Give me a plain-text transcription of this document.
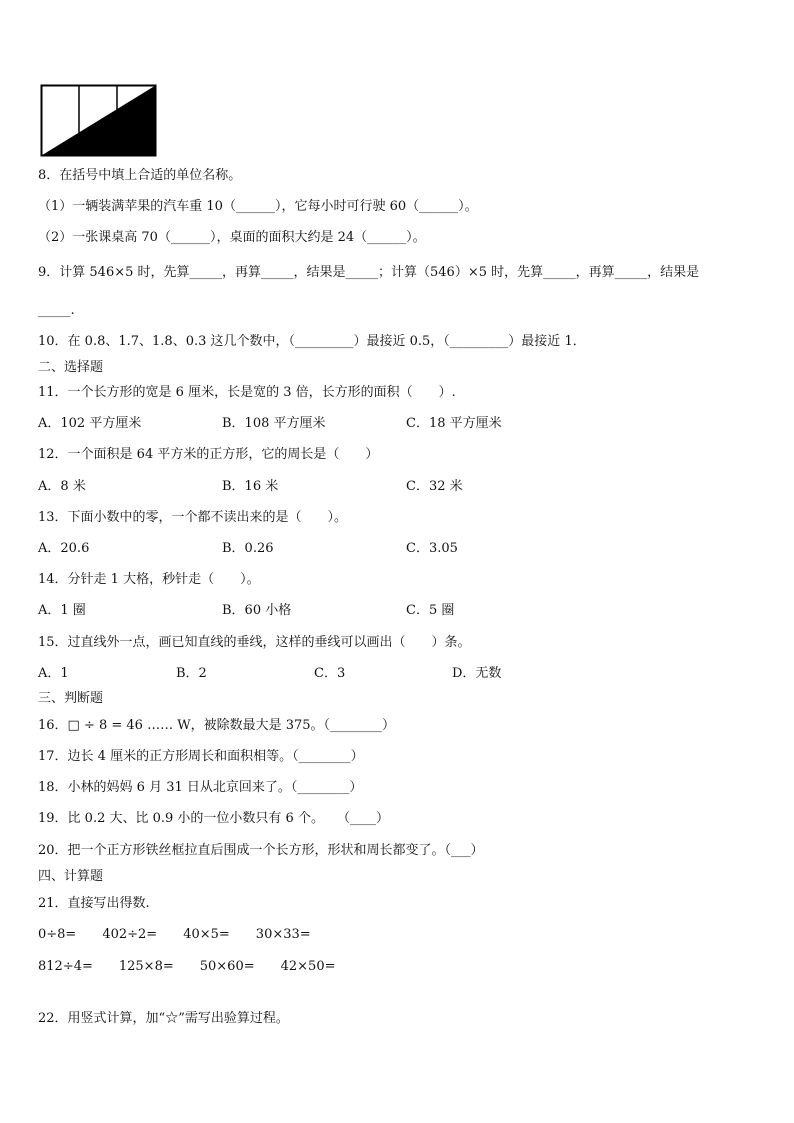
8．在括号中填上合适的单位名称。
（1）一辆装满苹果的汽车重 10（______），它每小时可行驶 60（______）。
（2）一张课桌高 70（______），桌面的面积大约是 24（______）。
9．计算 546×5 时，先算_____，再算_____，结果是_____；计算（546）×5 时，先算_____，再算_____，结果是
_____.
10．在 0.8、1.7、1.8、0.3 这几个数中，（_________）最接近 0.5，（_________）最接近 1．
二、选择题
11．一个长方形的宽是 6 厘米，长是宽的 3 倍，长方形的面积（　　）.
A．102 平方厘米	B．108 平方厘米	C．18 平方厘米
12．一个面积是 64 平方米的正方形，它的周长是（　　）
A．8 米	B．16 米	C．32 米
13．下面小数中的零，一个都不读出来的是（　　）。
A．20.6	B．0.26	C．3.05
14．分针走 1 大格，秒针走（　　）。
A．1 圈	B．60 小格	C．5 圈
15．过直线外一点，画已知直线的垂线，这样的垂线可以画出（　　）条。
A．1	B．2	C．3	D．无数
三、判断题
16．□ ÷ 8 = 46 …… W，被除数最大是 375。（________）
17．边长 4 厘米的正方形周长和面积相等。（________）
18．小林的妈妈 6 月 31 日从北京回来了。（________）
19．比 0.2 大、比 0.9 小的一位小数只有 6 个。　　（____）
20．把一个正方形铁丝框拉直后围成一个长方形，形状和周长都变了。（___）
四、计算题
21．直接写出得数.
0÷8=　　402÷2=　　40×5=　　30×33=
812÷4=　　125×8=　　50×60=　　42×50=
22．用竖式计算，加“☆”需写出验算过程。
